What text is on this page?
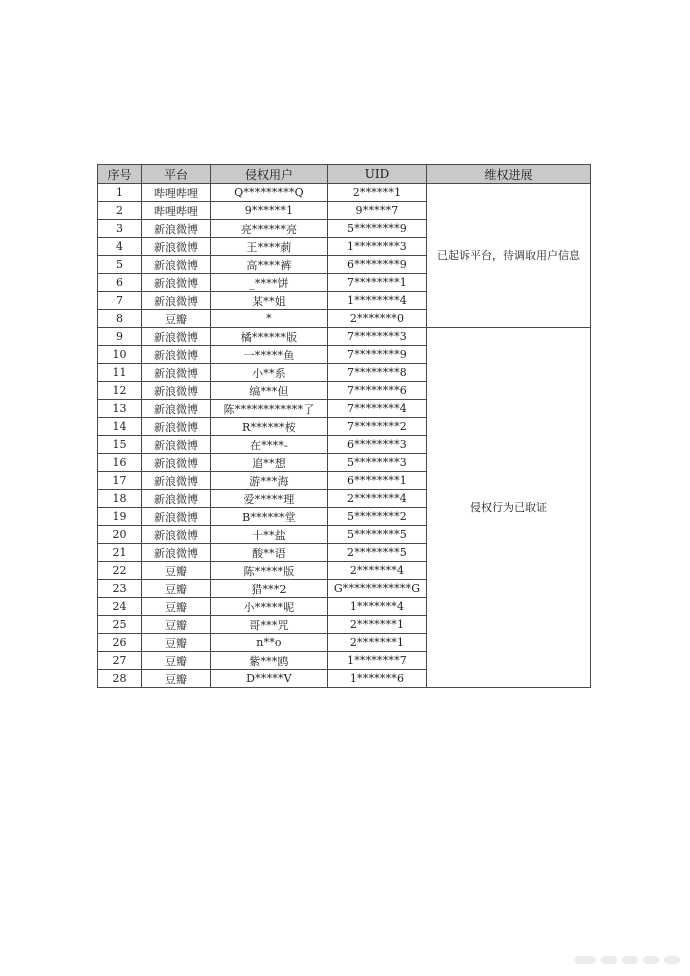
序号	平台	侵权用户	UID	维权进展
1	哔哩哔哩	Q*********Q	2******1	已起诉平台，待调取用户信息
2	哔哩哔哩	9******1	9*****7	
3	新浪微博	亮******亮	5********9	
4	新浪微博	王****莿	1********3	
5	新浪微博	高****裤	6********9	
6	新浪微博	_****饼	7********1	
7	新浪微博	某**姐	1********4	
8	豆瓣	*	2*******0	
9	新浪微博	橘******版	7********3	侵权行为已取证
10	新浪微博	一*****鱼	7********9	
11	新浪微博	小**系	7********8	
12	新浪微博	缟***但	7********6	
13	新浪微博	陈************了	7********4	
14	新浪微博	R******桉	7********2	
15	新浪微博	在****-	6********3	
16	新浪微博	追**想	5********3	
17	新浪微博	游***海	6********1	
18	新浪微博	爱*****理	2********4	
19	新浪微博	B******堂	5********2	
20	新浪微博	十**盐	5********5	
21	新浪微博	酸**语	2********5	
22	豆瓣	陈*****版	2*******4	
23	豆瓣	猎***2	G************G	
24	豆瓣	小*****呢	1*******4	
25	豆瓣	哥***咒	2*******1	
26	豆瓣	n**o	2*******1	
27	豆瓣	紫***鸥	1********7	
28	豆瓣	D*****V	1*******6	
